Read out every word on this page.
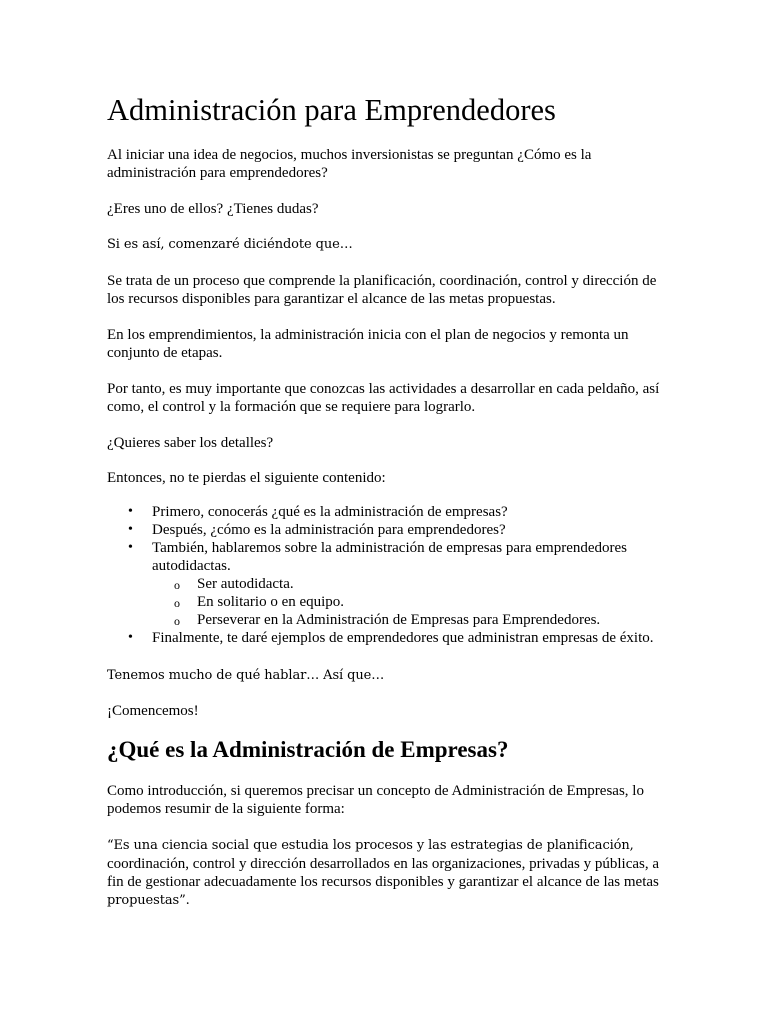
Administración para Emprendedores

Al iniciar una idea de negocios, muchos inversionistas se preguntan ¿Cómo es la administración para emprendedores?

¿Eres uno de ellos? ¿Tienes dudas?

Si es así, comenzaré diciéndote que…

Se trata de un proceso que comprende la planificación, coordinación, control y dirección de los recursos disponibles para garantizar el alcance de las metas propuestas.

En los emprendimientos, la administración inicia con el plan de negocios y remonta un conjunto de etapas.

Por tanto, es muy importante que conozcas las actividades a desarrollar en cada peldaño, así como, el control y la formación que se requiere para lograrlo.

¿Quieres saber los detalles?

Entonces, no te pierdas el siguiente contenido:

• Primero, conocerás ¿qué es la administración de empresas?
• Después, ¿cómo es la administración para emprendedores?
• También, hablaremos sobre la administración de empresas para emprendedores autodidactas.
o Ser autodidacta.
o En solitario o en equipo.
o Perseverar en la Administración de Empresas para Emprendedores.
• Finalmente, te daré ejemplos de emprendedores que administran empresas de éxito.

Tenemos mucho de qué hablar… Así que…

¡Comencemos!

¿Qué es la Administración de Empresas?

Como introducción, si queremos precisar un concepto de Administración de Empresas, lo podemos resumir de la siguiente forma:

“Es una ciencia social que estudia los procesos y las estrategias de planificación, coordinación, control y dirección desarrollados en las organizaciones, privadas y públicas, a fin de gestionar adecuadamente los recursos disponibles y garantizar el alcance de las metas propuestas”.
